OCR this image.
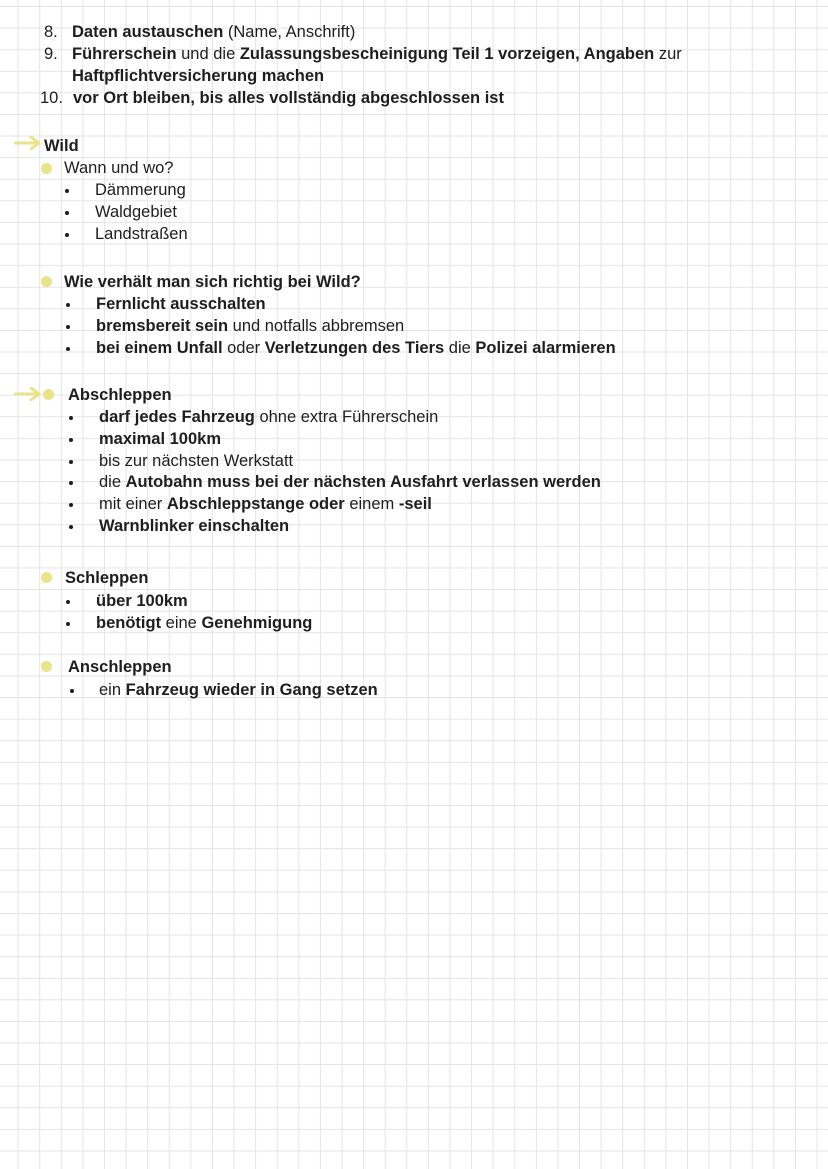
8. Daten austauschen (Name, Anschrift)
9. Führerschein und die Zulassungsbescheinigung Teil 1 vorzeigen, Angaben zur
Haftpflichtversicherung machen
10. vor Ort bleiben, bis alles vollständig abgeschlossen ist
Wild
Wann und wo?
Dämmerung
Waldgebiet
Landstraßen
Wie verhält man sich richtig bei Wild?
Fernlicht ausschalten
bremsbereit sein und notfalls abbremsen
bei einem Unfall oder Verletzungen des Tiers die Polizei alarmieren
Abschleppen
darf jedes Fahrzeug ohne extra Führerschein
maximal 100km
bis zur nächsten Werkstatt
die Autobahn muss bei der nächsten Ausfahrt verlassen werden
mit einer Abschleppstange oder einem -seil
Warnblinker einschalten
Schleppen
über 100km
benötigt eine Genehmigung
Anschleppen
ein Fahrzeug wieder in Gang setzen
